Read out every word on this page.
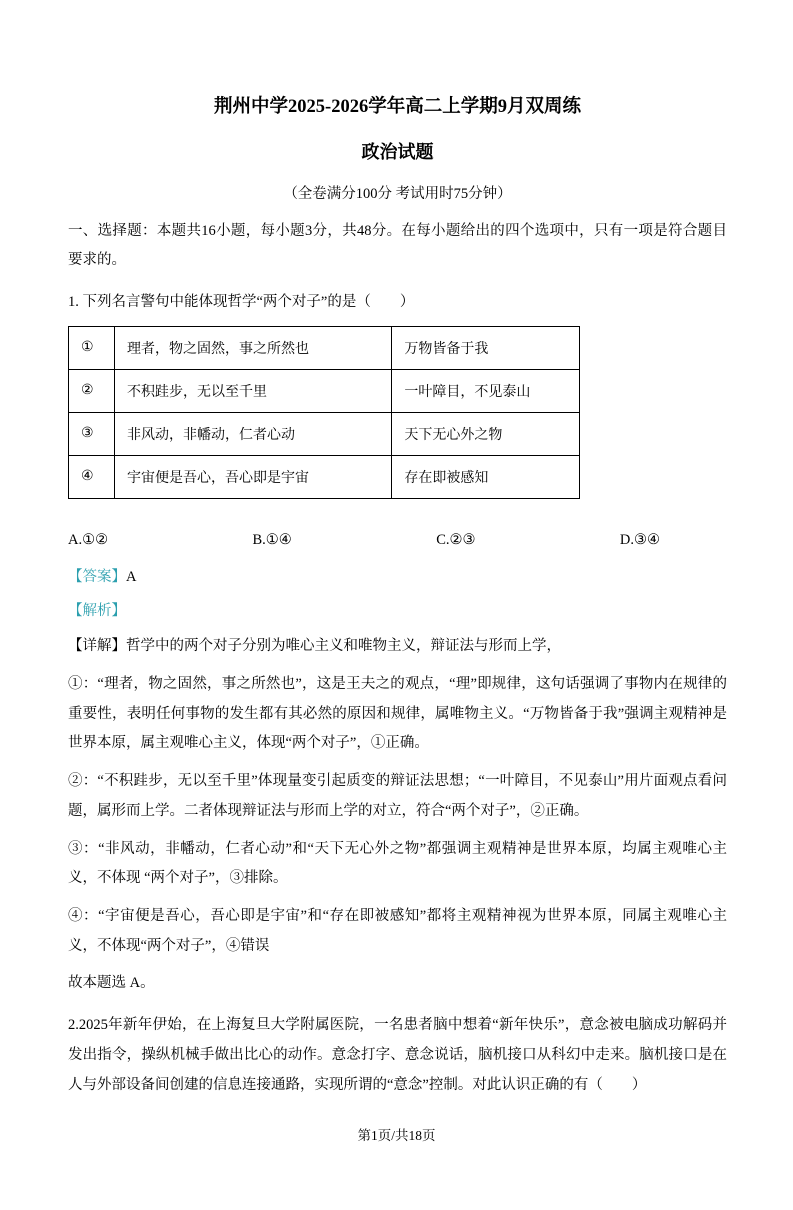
荆州中学2025-2026学年高二上学期9月双周练
政治试题
（全卷满分100分 考试用时75分钟）

一、选择题：本题共16小题，每小题3分，共48分。在每小题给出的四个选项中，只有一项是符合题目要求的。

1. 下列名言警句中能体现哲学“两个对子”的是（　　）

①	理者，物之固然，事之所然也	万物皆备于我
②	不积跬步，无以至千里	一叶障目，不见泰山
③	非风动，非幡动，仁者心动	天下无心外之物
④	宇宙便是吾心，吾心即是宇宙	存在即被感知
A.①②	B.①④	C.②③	D.③④

【答案】A

【解析】

【详解】哲学中的两个对子分别为唯心主义和唯物主义，辩证法与形而上学，

①：“理者，物之固然，事之所然也”，这是王夫之的观点，“理”即规律，这句话强调了事物内在规律的重要性，表明任何事物的发生都有其必然的原因和规律，属唯物主义。“万物皆备于我”强调主观精神是世界本原，属主观唯心主义，体现“两个对子”，①正确。

②：“不积跬步，无以至千里”体现量变引起质变的辩证法思想；“一叶障目，不见泰山”用片面观点看问题，属形而上学。二者体现辩证法与形而上学的对立，符合“两个对子”，②正确。

③：“非风动，非幡动，仁者心动”和“天下无心外之物”都强调主观精神是世界本原，均属主观唯心主义，不体现 “两个对子”，③排除。

④：“宇宙便是吾心，吾心即是宇宙”和“存在即被感知”都将主观精神视为世界本原，同属主观唯心主义，不体现“两个对子”，④错误

故本题选 A。

2.2025年新年伊始，在上海复旦大学附属医院，一名患者脑中想着“新年快乐”，意念被电脑成功解码并发出指令，操纵机械手做出比心的动作。意念打字、意念说话，脑机接口从科幻中走来。脑机接口是在人与外部设备间创建的信息连接通路，实现所谓的“意念”控制。对此认识正确的有（　　）

第1页/共18页
